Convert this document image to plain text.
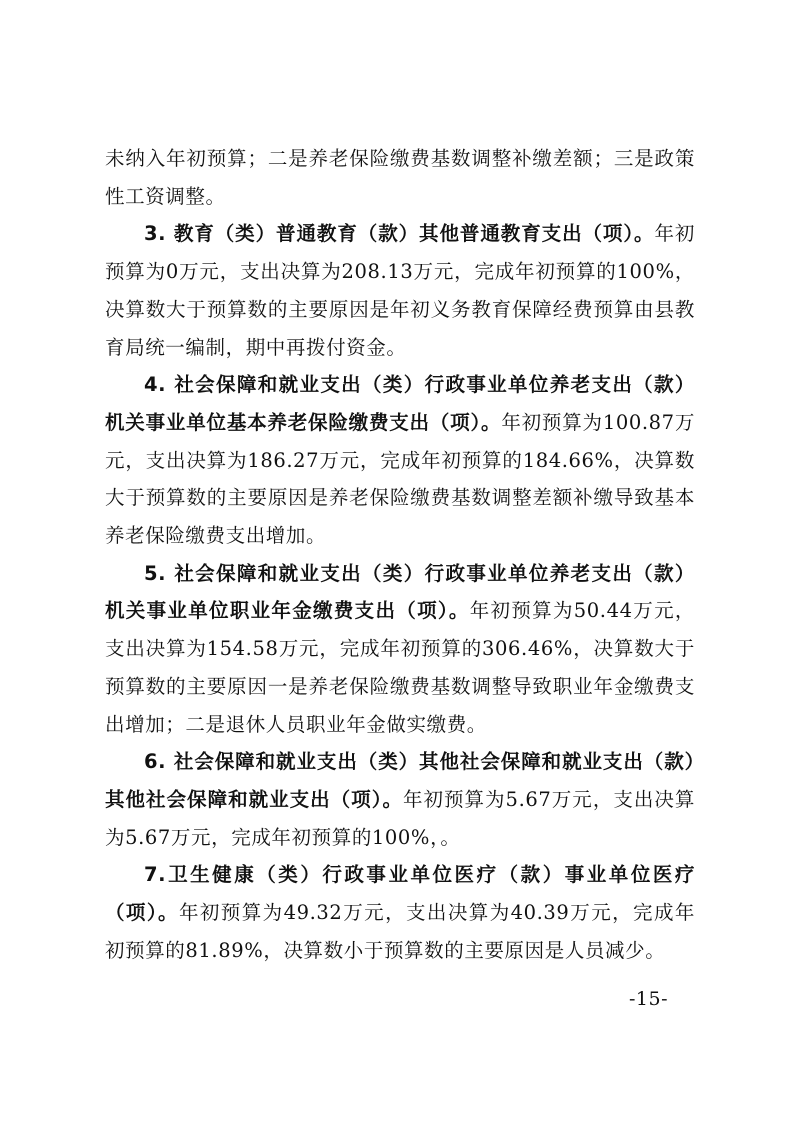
未纳入年初预算；二是养老保险缴费基数调整补缴差额；三是政策性工资调整。

3. 教育（类）普通教育（款）其他普通教育支出（项）。年初预算为0万元，支出决算为208.13万元，完成年初预算的100%，决算数大于预算数的主要原因是年初义务教育保障经费预算由县教育局统一编制，期中再拨付资金。

4. 社会保障和就业支出（类）行政事业单位养老支出（款）机关事业单位基本养老保险缴费支出（项）。年初预算为100.87万元，支出决算为186.27万元，完成年初预算的184.66%，决算数大于预算数的主要原因是养老保险缴费基数调整差额补缴导致基本养老保险缴费支出增加。

5. 社会保障和就业支出（类）行政事业单位养老支出（款）机关事业单位职业年金缴费支出（项）。年初预算为50.44万元，支出决算为154.58万元，完成年初预算的306.46%，决算数大于预算数的主要原因一是养老保险缴费基数调整导致职业年金缴费支出增加；二是退休人员职业年金做实缴费。

6. 社会保障和就业支出（类）其他社会保障和就业支出（款）其他社会保障和就业支出（项）。年初预算为5.67万元，支出决算为5.67万元，完成年初预算的100%，。

7.卫生健康（类）行政事业单位医疗（款）事业单位医疗（项）。年初预算为49.32万元，支出决算为40.39万元，完成年初预算的81.89%，决算数小于预算数的主要原因是人员减少。

-15-
